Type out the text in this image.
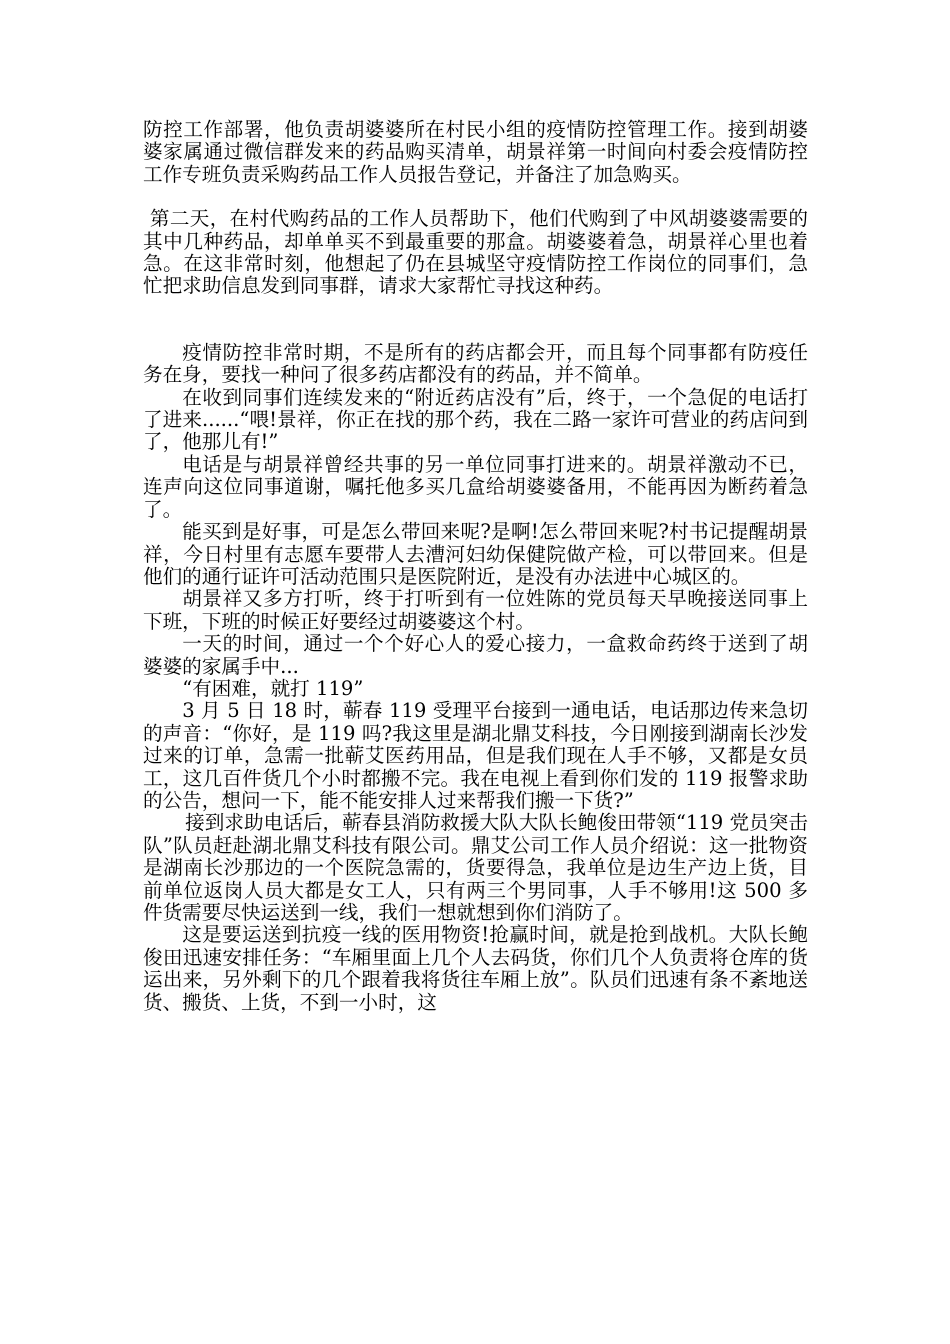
防控工作部署，他负责胡婆婆所在村民小组的疫情防控管理工作。接到胡婆婆家属通过微信群发来的药品购买清单，胡景祥第一时间向村委会疫情防控工作专班负责采购药品工作人员报告登记，并备注了加急购买。

第二天，在村代购药品的工作人员帮助下，他们代购到了中风胡婆婆需要的其中几种药品，却单单买不到最重要的那盒。胡婆婆着急，胡景祥心里也着急。在这非常时刻，他想起了仍在县城坚守疫情防控工作岗位的同事们，急忙把求助信息发到同事群，请求大家帮忙寻找这种药。

疫情防控非常时期，不是所有的药店都会开，而且每个同事都有防疫任务在身，要找一种问了很多药店都没有的药品，并不简单。

在收到同事们连续发来的“附近药店没有”后，终于，一个急促的电话打了进来......“喂!景祥，你正在找的那个药，我在二路一家许可营业的药店问到了，他那儿有!”

电话是与胡景祥曾经共事的另一单位同事打进来的。胡景祥激动不已，连声向这位同事道谢，嘱托他多买几盒给胡婆婆备用，不能再因为断药着急了。

能买到是好事，可是怎么带回来呢?是啊!怎么带回来呢?村书记提醒胡景祥，今日村里有志愿车要带人去漕河妇幼保健院做产检，可以带回来。但是他们的通行证许可活动范围只是医院附近，是没有办法进中心城区的。

胡景祥又多方打听，终于打听到有一位姓陈的党员每天早晚接送同事上下班，下班的时候正好要经过胡婆婆这个村。

一天的时间，通过一个个好心人的爱心接力，一盒救命药终于送到了胡婆婆的家属手中...

“有困难，就打 119”

3 月 5 日 18 时，蕲春 119 受理平台接到一通电话，电话那边传来急切的声音：“你好，是 119 吗?我这里是湖北鼎艾科技，今日刚接到湖南长沙发过来的订单，急需一批蕲艾医药用品，但是我们现在人手不够，又都是女员工，这几百件货几个小时都搬不完。我在电视上看到你们发的 119 报警求助的公告，想问一下，能不能安排人过来帮我们搬一下货?”

接到求助电话后，蕲春县消防救援大队大队长鲍俊田带领“119 党员突击队”队员赶赴湖北鼎艾科技有限公司。鼎艾公司工作人员介绍说：这一批物资是湖南长沙那边的一个医院急需的，货要得急，我单位是边生产边上货，目前单位返岗人员大都是女工人，只有两三个男同事，人手不够用!这 500 多件货需要尽快运送到一线，我们一想就想到你们消防了。

这是要运送到抗疫一线的医用物资!抢赢时间，就是抢到战机。大队长鲍俊田迅速安排任务：“车厢里面上几个人去码货，你们几个人负责将仓库的货运出来，另外剩下的几个跟着我将货往车厢上放”。队员们迅速有条不紊地送货、搬货、上货，不到一小时，这
